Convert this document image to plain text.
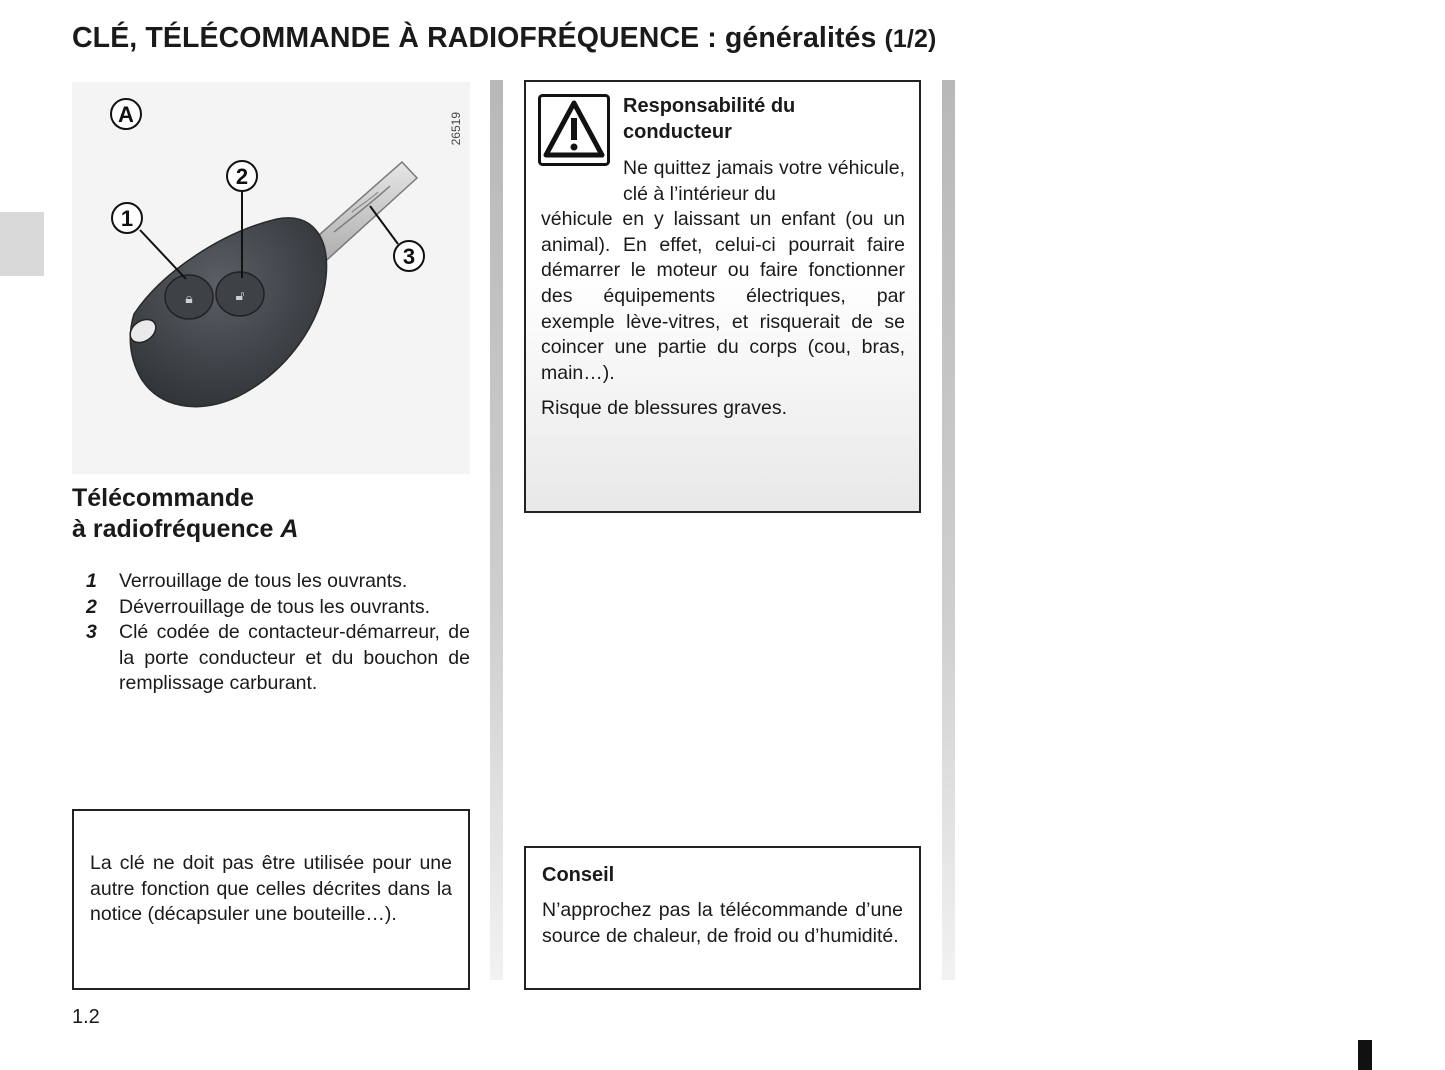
CLÉ, TÉLÉCOMMANDE À RADIOFRÉQUENCE : généralités (1/2)
🔒︎	🔓︎
A
1
2
3
26519
Télécommande
à radiofréquence A
1	Verrouillage de tous les ouvrants.
2	Déverrouillage de tous les ouvrants.
3	Clé codée de contacteur-démarreur, de la porte conducteur et du bouchon de remplissage carburant.
La clé ne doit pas être utilisée pour une autre fonction que celles décrites dans la notice (décapsuler une bouteille…).
Responsabilité du conducteur
Ne quittez jamais votre véhicule, clé à l’intérieur du
véhicule en y laissant un enfant (ou un animal). En effet, celui-ci pourrait faire démarrer le moteur ou faire fonctionner des équipements électriques, par exemple lève-vitres, et risquerait de se coincer une partie du corps (cou, bras, main…).
Risque de blessures graves.
Conseil
N’approchez pas la télécommande d’une source de chaleur, de froid ou d’humidité.
1.2
